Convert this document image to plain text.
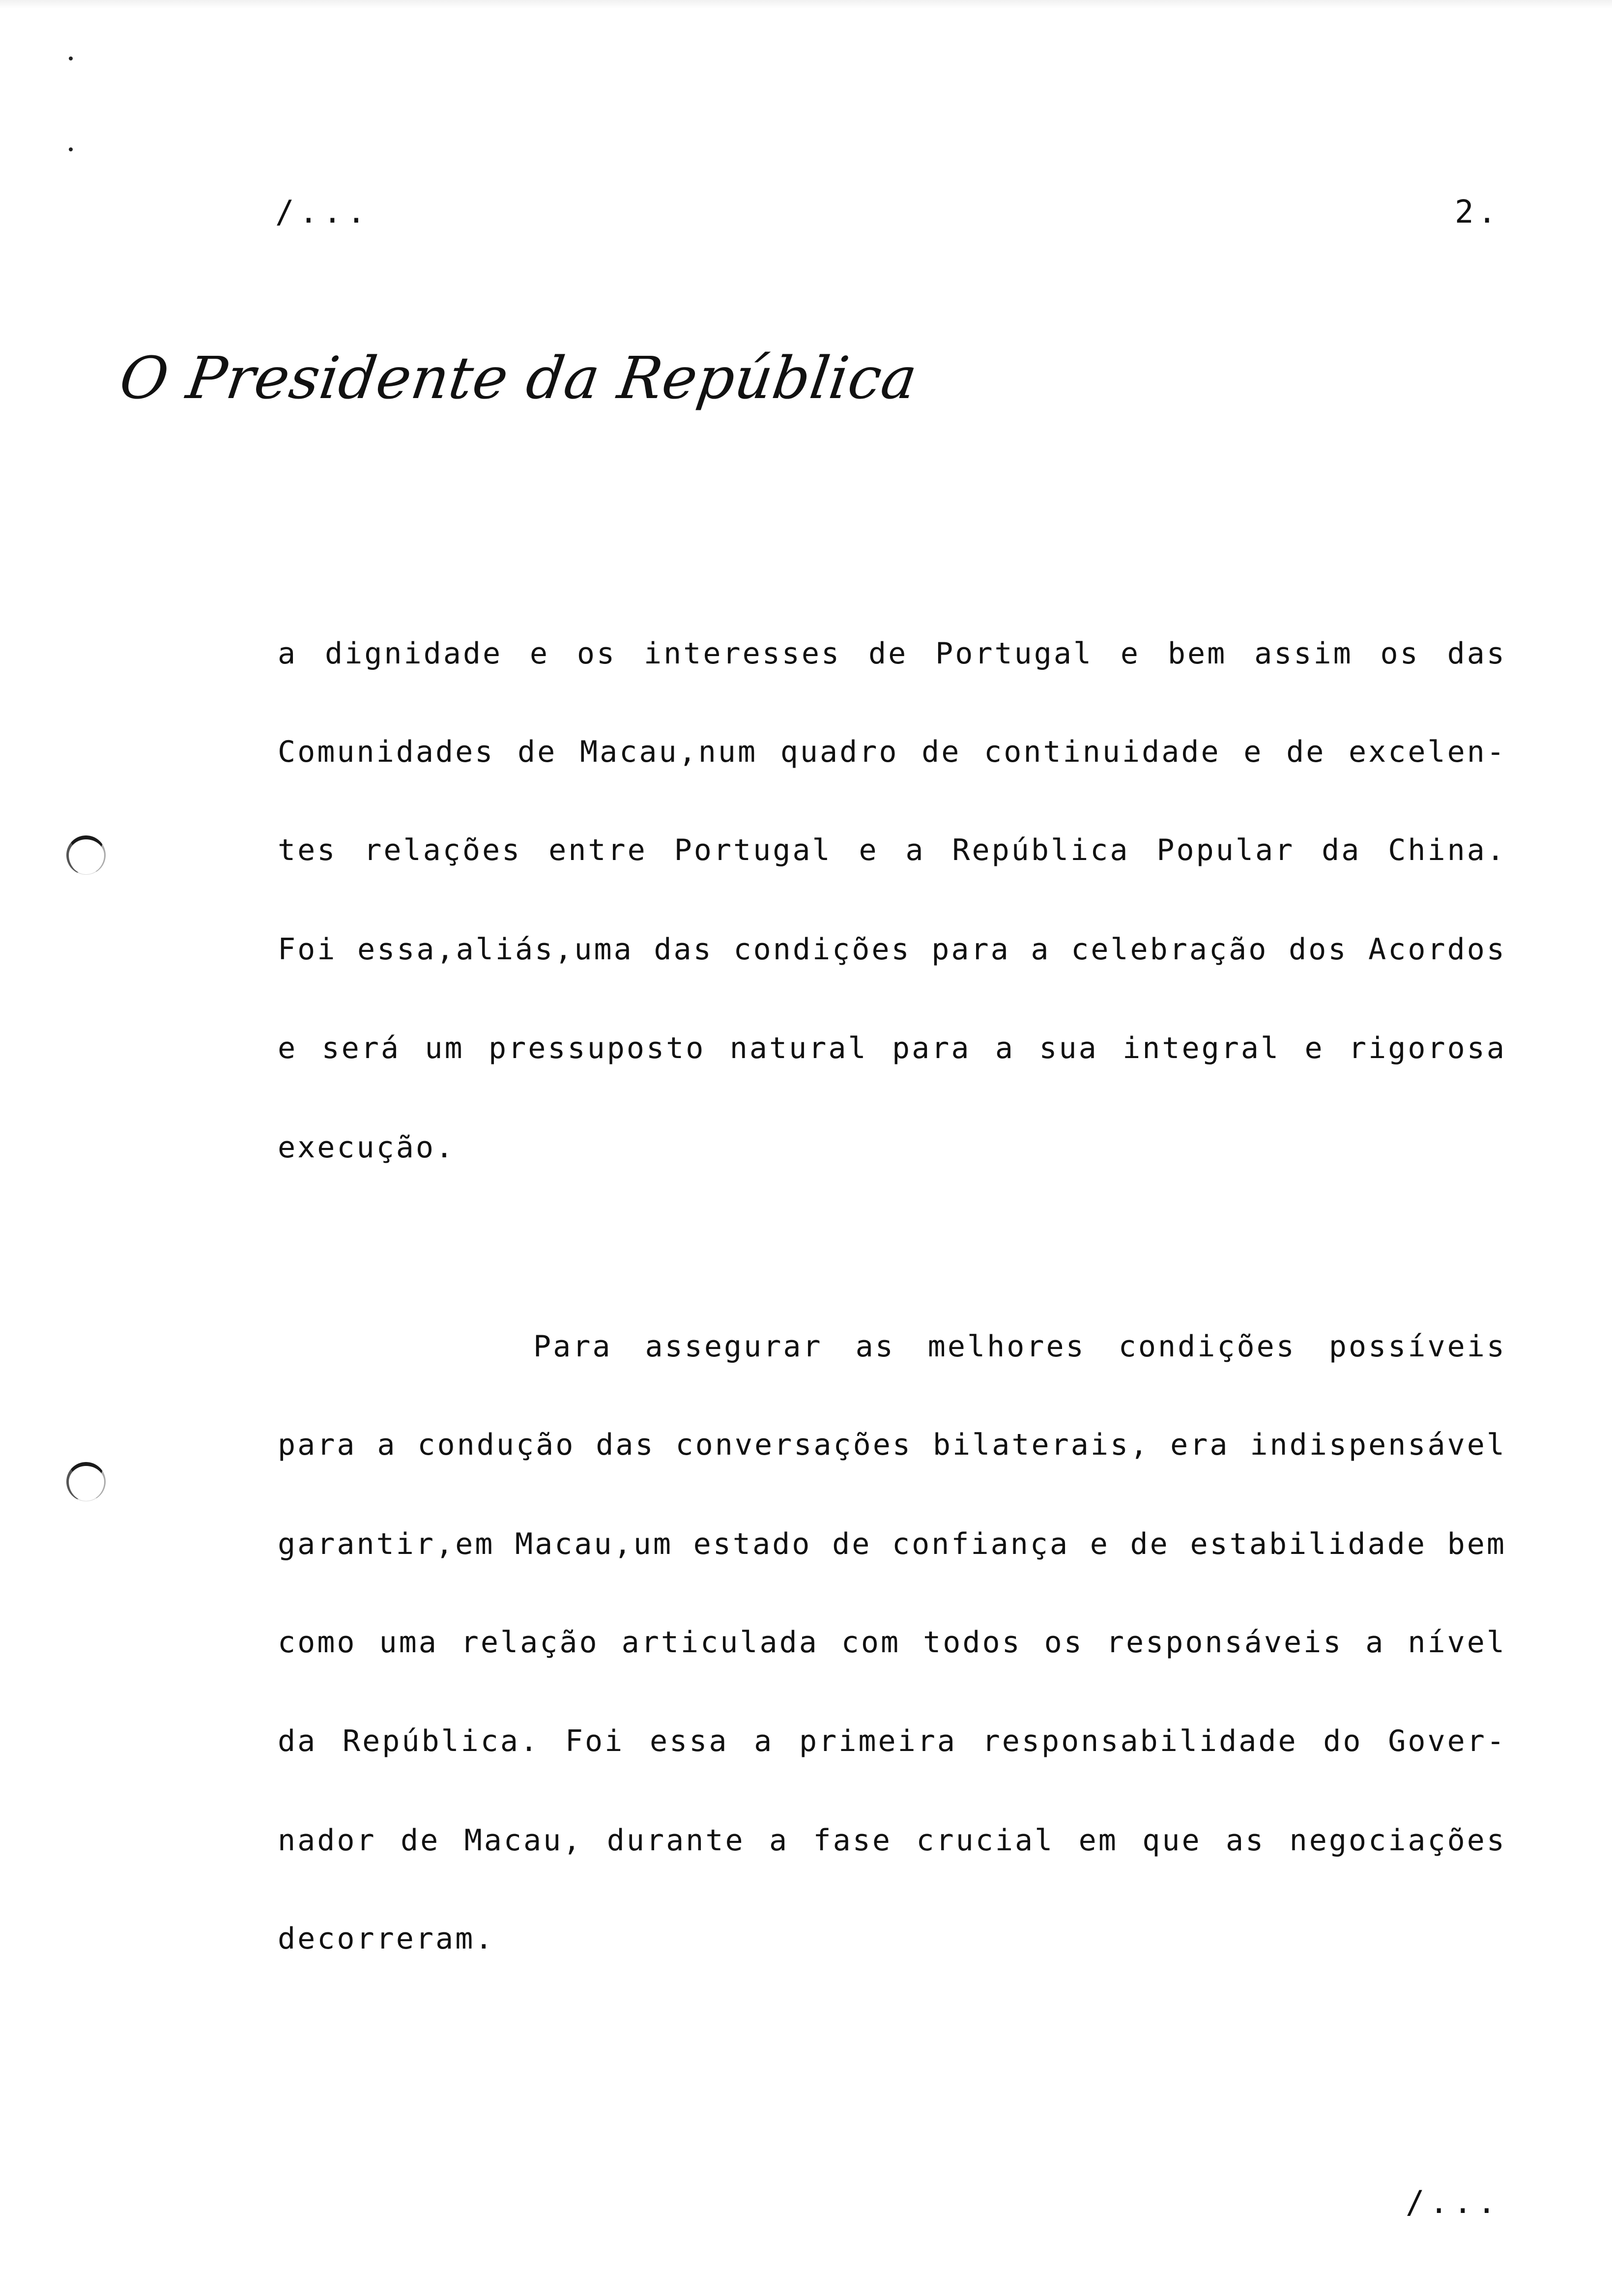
/...	2.
O Presidente da República
a dignidade e os interesses de Portugal e bem assim os das
Comunidades de Macau,num quadro de continuidade e de excelen-
tes relações entre Portugal e a República Popular da China.
Foi essa,aliás,uma das condições para a celebração dos Acordos
e será um pressuposto natural para a sua integral e rigorosa
execução.
Para assegurar as melhores condições possíveis
para a condução das conversações bilaterais, era indispensável
garantir,em Macau,um estado de confiança e de estabilidade bem
como uma relação articulada com todos os responsáveis a nível
da República. Foi essa a primeira responsabilidade do Gover-
nador de Macau, durante a fase crucial em que as negociações
decorreram.
/...
